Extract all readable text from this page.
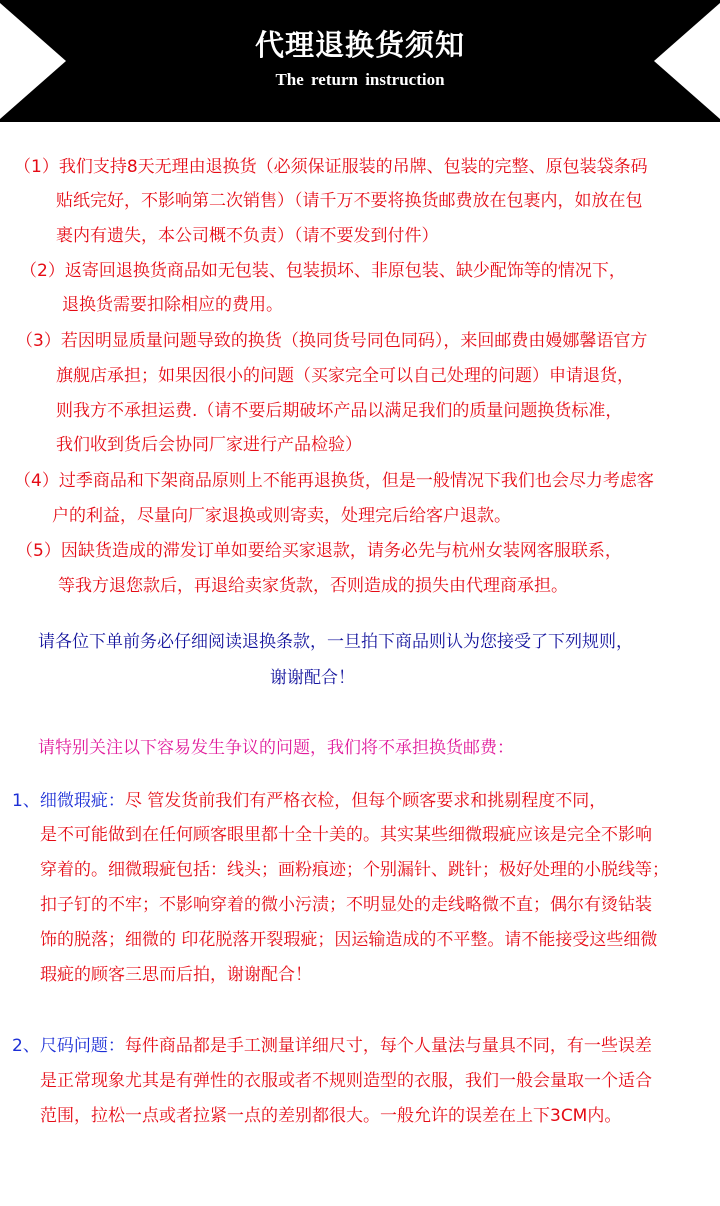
代理退换货须知
The return instruction
（1）我们支持8天无理由退换货（必须保证服装的吊牌、包装的完整、原包装袋条码
贴纸完好，不影响第二次销售）（请千万不要将换货邮费放在包裹内，如放在包
裹内有遗失，本公司概不负责）（请不要发到付件）
（2）返寄回退换货商品如无包装、包装损坏、非原包装、缺少配饰等的情况下，
退换货需要扣除相应的费用。
（3）若因明显质量问题导致的换货（换同货号同色同码），来回邮费由嫚娜馨语官方
旗舰店承担；如果因很小的问题（买家完全可以自己处理的问题）申请退货，
则我方不承担运费.（请不要后期破坏产品以满足我们的质量问题换货标准，
我们收到货后会协同厂家进行产品检验）
（4）过季商品和下架商品原则上不能再退换货，但是一般情况下我们也会尽力考虑客
户的利益，尽量向厂家退换或则寄卖，处理完后给客户退款。
（5）因缺货造成的滞发订单如要给买家退款，请务必先与杭州女装网客服联系，
等我方退您款后，再退给卖家货款，否则造成的损失由代理商承担。
请各位下单前务必仔细阅读退换条款，一旦拍下商品则认为您接受了下列规则，
谢谢配合！
请特别关注以下容易发生争议的问题，我们将不承担换货邮费：
1、细微瑕疵：尽 管发货前我们有严格衣检，但每个顾客要求和挑剔程度不同，
是不可能做到在任何顾客眼里都十全十美的。其实某些细微瑕疵应该是完全不影响
穿着的。细微瑕疵包括：线头；画粉痕迹；个别漏针、跳针；极好处理的小脱线等；
扣子钉的不牢；不影响穿着的微小污渍；不明显处的走线略微不直；偶尔有烫钻装
饰的脱落；细微的 印花脱落开裂瑕疵；因运输造成的不平整。请不能接受这些细微
瑕疵的顾客三思而后拍，谢谢配合！
2、尺码问题：每件商品都是手工测量详细尺寸，每个人量法与量具不同，有一些误差
是正常现象尤其是有弹性的衣服或者不规则造型的衣服，我们一般会量取一个适合
范围，拉松一点或者拉紧一点的差别都很大。一般允许的误差在上下3CM内。
